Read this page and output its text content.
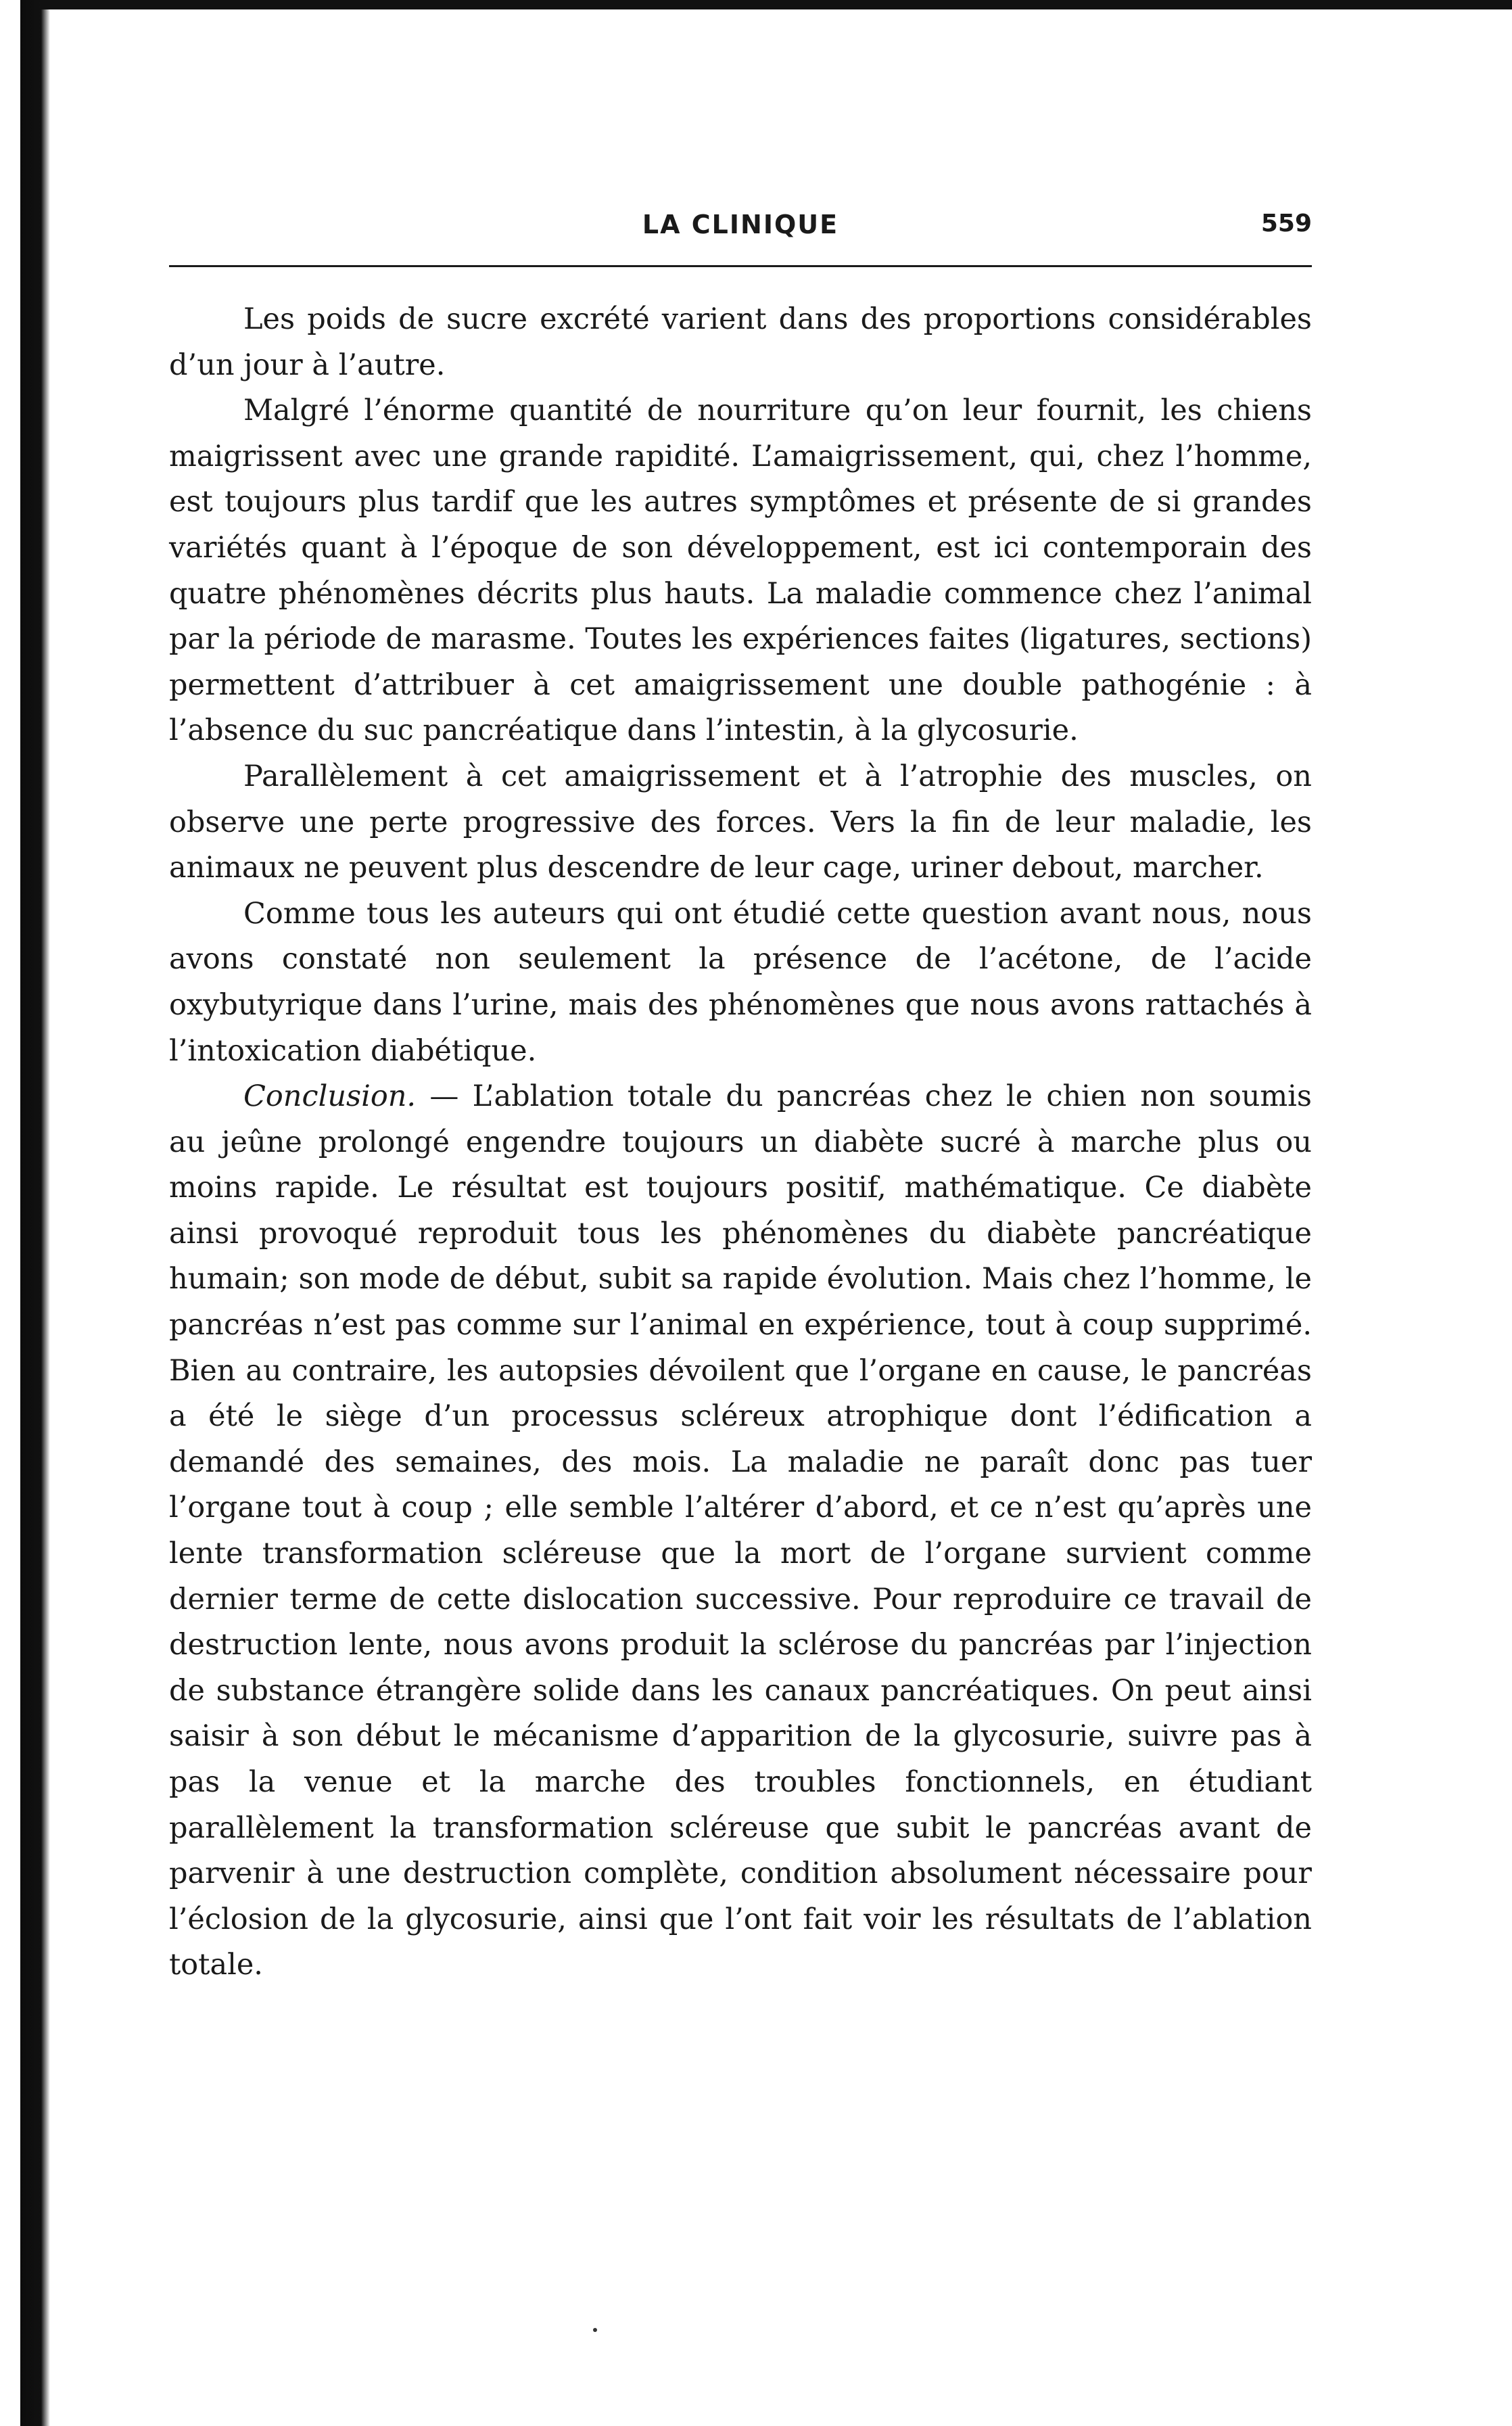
LA CLINIQUE	559

Les poids de sucre excrété varient dans des proportions considérables d’un jour à l’autre.

Malgré l’énorme quantité de nourriture qu’on leur fournit, les chiens maigrissent avec une grande rapidité. L’amaigrissement, qui, chez l’homme, est toujours plus tardif que les autres symptômes et présente de si grandes variétés quant à l’époque de son développement, est ici contemporain des quatre phénomènes décrits plus hauts. La maladie commence chez l’animal par la période de marasme. Toutes les expériences faites (ligatures, sections) permettent d’attribuer à cet amaigrissement une double pathogénie : à l’absence du suc pancréatique dans l’intestin, à la glycosurie.

Parallèlement à cet amaigrissement et à l’atrophie des muscles, on observe une perte progressive des forces. Vers la fin de leur maladie, les animaux ne peuvent plus descendre de leur cage, uriner debout, marcher.

Comme tous les auteurs qui ont étudié cette question avant nous, nous avons constaté non seulement la présence de l’acétone, de l’acide oxybutyrique dans l’urine, mais des phénomènes que nous avons rattachés à l’intoxication diabétique.

Conclusion. — L’ablation totale du pancréas chez le chien non soumis au jeûne prolongé engendre toujours un diabète sucré à marche plus ou moins rapide. Le résultat est toujours positif, mathématique. Ce diabète ainsi provoqué reproduit tous les phénomènes du diabète pancréatique humain; son mode de début, subit sa rapide évolution. Mais chez l’homme, le pancréas n’est pas comme sur l’animal en expérience, tout à coup supprimé. Bien au contraire, les autopsies dévoilent que l’organe en cause, le pancréas a été le siège d’un processus scléreux atrophique dont l’édification a demandé des semaines, des mois. La maladie ne paraît donc pas tuer l’organe tout à coup ; elle semble l’altérer d’abord, et ce n’est qu’après une lente transformation scléreuse que la mort de l’organe survient comme dernier terme de cette dislocation successive. Pour reproduire ce travail de destruction lente, nous avons produit la sclérose du pancréas par l’injection de substance étrangère solide dans les canaux pancréatiques. On peut ainsi saisir à son début le mécanisme d’apparition de la glycosurie, suivre pas à pas la venue et la marche des troubles fonctionnels, en étudiant parallèlement la transformation scléreuse que subit le pancréas avant de parvenir à une destruction complète, condition absolument nécessaire pour l’éclosion de la glycosurie, ainsi que l’ont fait voir les résultats de l’ablation totale.
